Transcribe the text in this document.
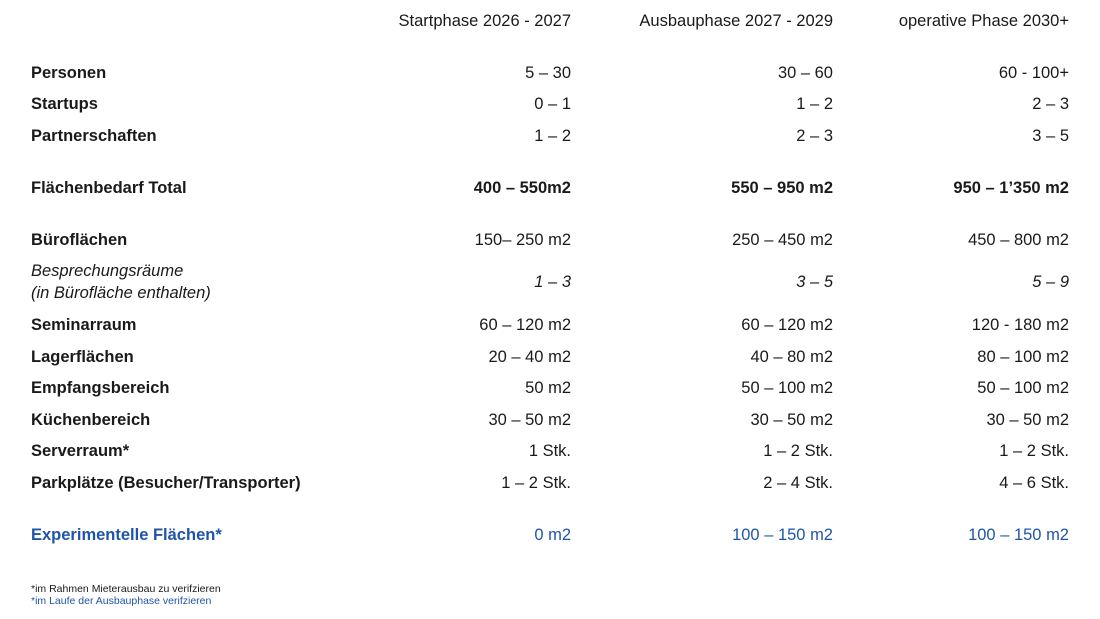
Startphase 2026 - 2027	Ausbauphase 2027 - 2029	operative Phase 2030+
Personen	5 – 30	30 – 60	60 - 100+
Startups	0 – 1	1 – 2	2 – 3
Partnerschaften	1 – 2	2 – 3	3 – 5
Flächenbedarf Total	400 – 550m2	550 – 950 m2	950 – 1’350 m2
Büroflächen	150– 250 m2	250 – 450 m2	450 – 800 m2
Besprechungsräume
(in Bürofläche enthalten)
1 – 3	3 – 5	5 – 9
Seminarraum	60 – 120 m2	60 – 120 m2	120 - 180 m2
Lagerflächen	20 – 40 m2	40 – 80 m2	80 – 100 m2
Empfangsbereich	50 m2	50 – 100 m2	50 – 100 m2
Küchenbereich	30 – 50 m2	30 – 50 m2	30 – 50 m2
Serverraum*	1 Stk.	1 – 2 Stk.	1 – 2 Stk.
Parkplätze (Besucher/Transporter)	1 – 2 Stk.	2 – 4 Stk.	4 – 6 Stk.
Experimentelle Flächen*	0 m2	100 – 150 m2	100 – 150 m2
*im Rahmen Mieterausbau zu verifzieren
*im Laufe der Ausbauphase verifzieren
